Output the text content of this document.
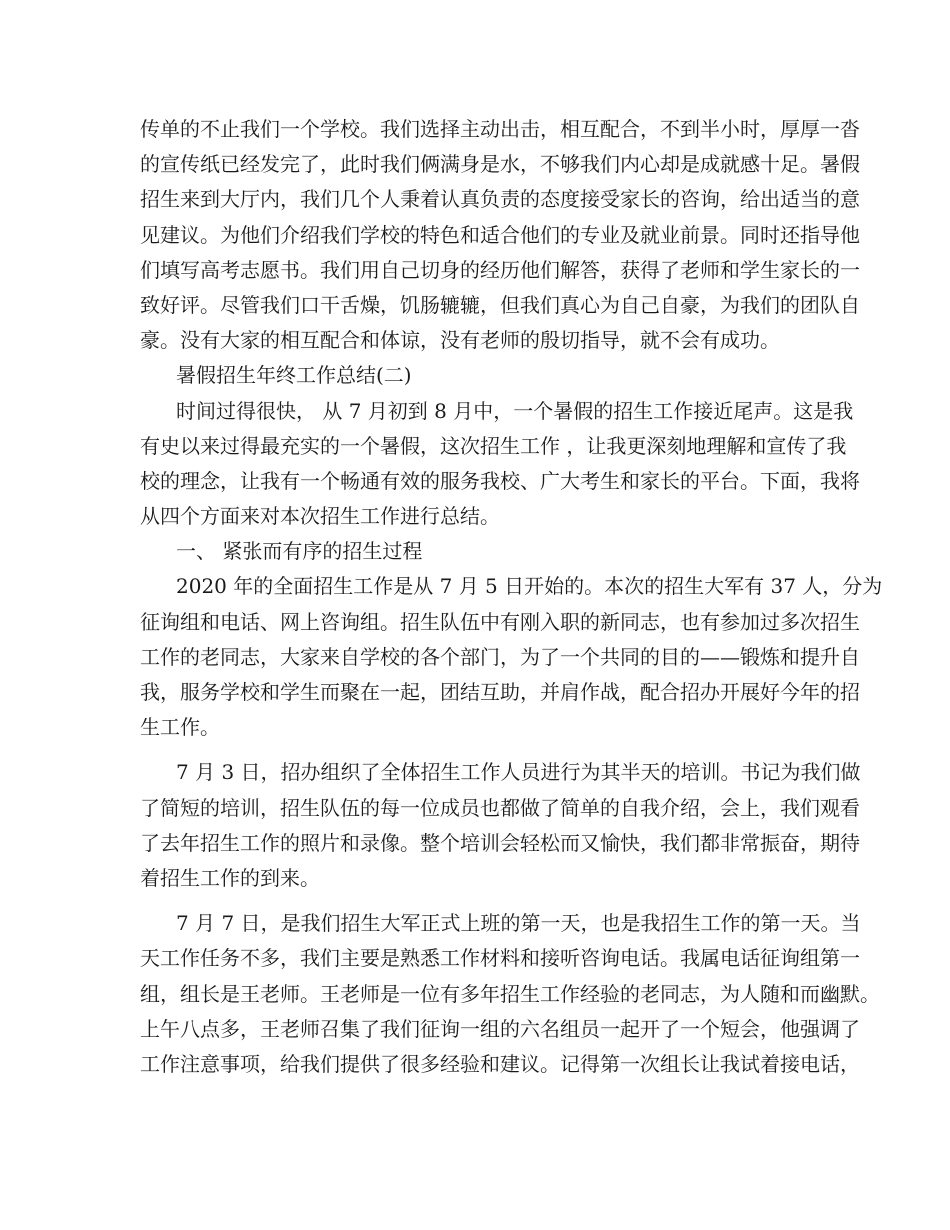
传单的不止我们一个学校。我们选择主动出击，相互配合，不到半小时，厚厚一沓
的宣传纸已经发完了，此时我们俩满身是水，不够我们内心却是成就感十足。暑假
招生来到大厅内，我们几个人秉着认真负责的态度接受家长的咨询，给出适当的意
见建议。为他们介绍我们学校的特色和适合他们的专业及就业前景。同时还指导他
们填写高考志愿书。我们用自己切身的经历他们解答，获得了老师和学生家长的一
致好评。尽管我们口干舌燥，饥肠辘辘，但我们真心为自己自豪，为我们的团队自
豪。没有大家的相互配合和体谅，没有老师的殷切指导，就不会有成功。
暑假招生年终工作总结(二)
时间过得很快， 从 7 月初到 8 月中，一个暑假的招生工作接近尾声。这是我
有史以来过得最充实的一个暑假，这次招生工作 ，让我更深刻地理解和宣传了我
校的理念，让我有一个畅通有效的服务我校、广大考生和家长的平台。下面，我将
从四个方面来对本次招生工作进行总结。
一、 紧张而有序的招生过程
2020 年的全面招生工作是从 7 月 5 日开始的。本次的招生大军有 37 人，分为
征询组和电话、网上咨询组。招生队伍中有刚入职的新同志，也有参加过多次招生
工作的老同志，大家来自学校的各个部门，为了一个共同的目的——锻炼和提升自
我，服务学校和学生而聚在一起，团结互助，并肩作战，配合招办开展好今年的招
生工作。
7 月 3 日，招办组织了全体招生工作人员进行为其半天的培训。书记为我们做
了简短的培训，招生队伍的每一位成员也都做了简单的自我介绍，会上，我们观看
了去年招生工作的照片和录像。整个培训会轻松而又愉快，我们都非常振奋，期待
着招生工作的到来。
7 月 7 日，是我们招生大军正式上班的第一天，也是我招生工作的第一天。当
天工作任务不多，我们主要是熟悉工作材料和接听咨询电话。我属电话征询组第一
组，组长是王老师。王老师是一位有多年招生工作经验的老同志，为人随和而幽默。
上午八点多，王老师召集了我们征询一组的六名组员一起开了一个短会，他强调了
工作注意事项，给我们提供了很多经验和建议。记得第一次组长让我试着接电话，
